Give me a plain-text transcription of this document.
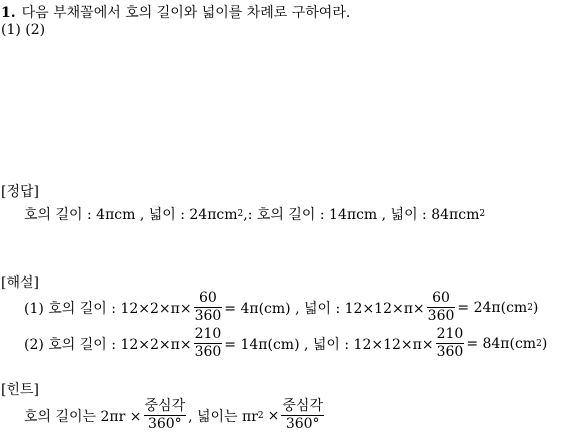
1. 다음 부채꼴에서 호의 길이와 넓이를 차례로 구하여라.
(1) (2)
[정답]
호의 길이 : 4πcm , 넓이 : 24πcm 2 ,: 호의 길이 : 14πcm , 넓이 : 84πcm 2
[해설]
(1) 호의 길이 : $12\times 2\times\pi\times \frac{60}{360} = 4\pi(cm)$ , 넓이 : $12\times 12\times\pi\times \frac{60}{360} = 24\pi(cm$ 2 )
(2) 호의 길이 : $12\times 2\times\pi\times \frac{210}{360} = 14\pi(cm)$ , 넓이 : $12\times 12\times\pi\times \frac{210}{360} = 84\pi(cm$ 2 )
[힌트]
호의 길이는 $2\pi r \times \frac{\text{중심각}}{360^\circ}$ , 넓이는 πr $2 \times \frac{\text{중심각}}{360^\circ}$
